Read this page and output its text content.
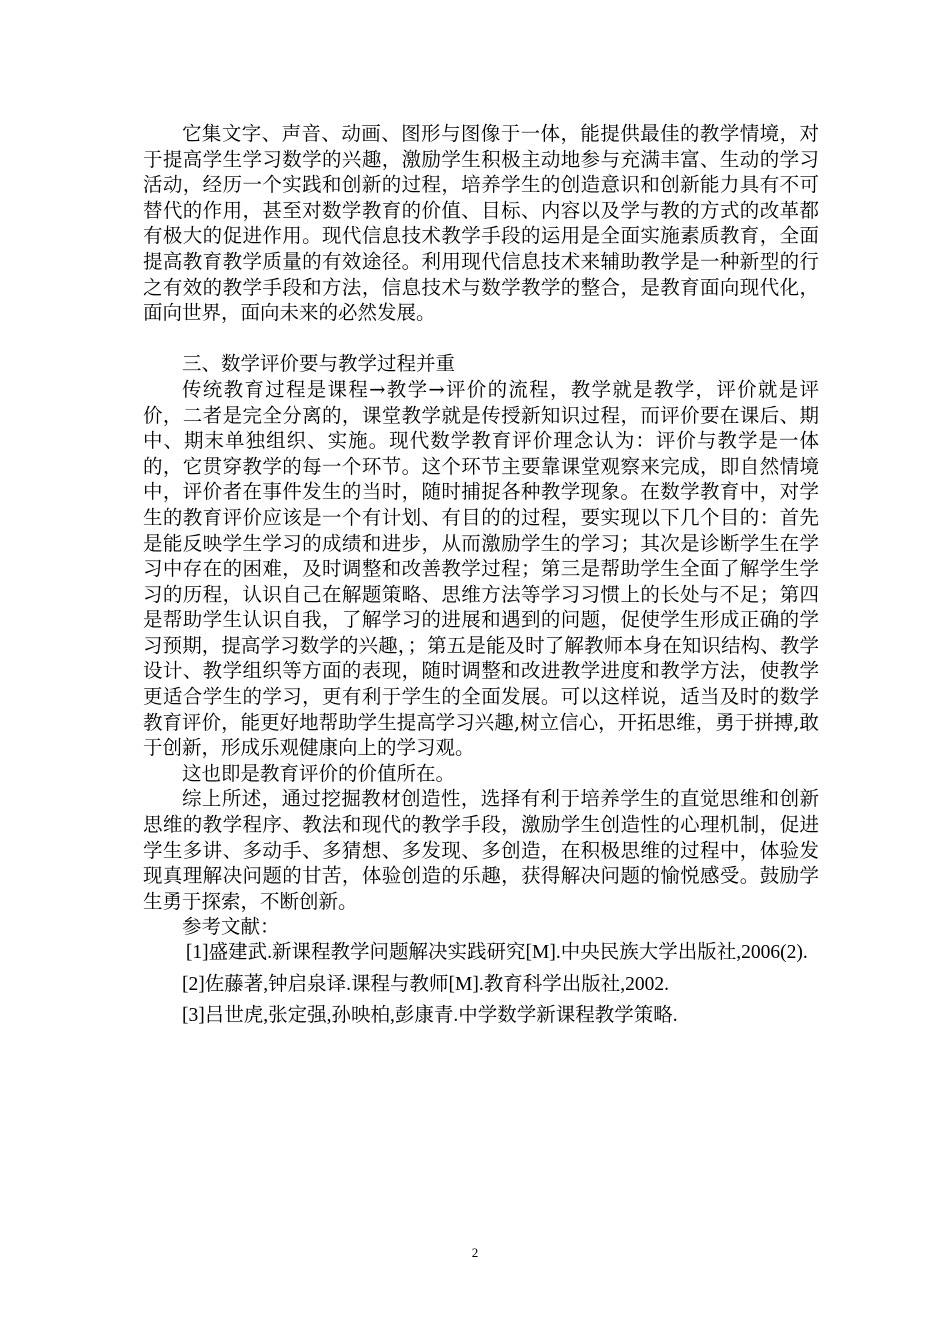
它集文字、声音、动画、图形与图像于一体，能提供最佳的教学情境，对于提高学生学习数学的兴趣，激励学生积极主动地参与充满丰富、生动的学习活动，经历一个实践和创新的过程，培养学生的创造意识和创新能力具有不可替代的作用，甚至对数学教育的价值、目标、内容以及学与教的方式的改革都有极大的促进作用。现代信息技术教学手段的运用是全面实施素质教育，全面提高教育教学质量的有效途径。利用现代信息技术来辅助教学是一种新型的行之有效的教学手段和方法，信息技术与数学教学的整合，是教育面向现代化，面向世界，面向未来的必然发展。

三、数学评价要与教学过程并重

传统教育过程是课程→教学→评价的流程，教学就是教学，评价就是评价，二者是完全分离的，课堂教学就是传授新知识过程，而评价要在课后、期中、期末单独组织、实施。现代数学教育评价理念认为：评价与教学是一体的，它贯穿教学的每一个环节。这个环节主要靠课堂观察来完成，即自然情境中，评价者在事件发生的当时，随时捕捉各种教学现象。在数学教育中，对学生的教育评价应该是一个有计划、有目的的过程，要实现以下几个目的：首先是能反映学生学习的成绩和进步，从而激励学生的学习；其次是诊断学生在学习中存在的困难，及时调整和改善教学过程；第三是帮助学生全面了解学生学习的历程，认识自己在解题策略、思维方法等学习习惯上的长处与不足；第四是帮助学生认识自我，了解学习的进展和遇到的问题，促使学生形成正确的学习预期，提高学习数学的兴趣，；第五是能及时了解教师本身在知识结构、教学设计、教学组织等方面的表现，随时调整和改进教学进度和教学方法，使教学更适合学生的学习，更有利于学生的全面发展。可以这样说，适当及时的数学教育评价，能更好地帮助学生提高学习兴趣,树立信心，开拓思维，勇于拼搏,敢于创新，形成乐观健康向上的学习观。

这也即是教育评价的价值所在。

综上所述，通过挖掘教材创造性，选择有利于培养学生的直觉思维和创新思维的教学程序、教法和现代的教学手段，激励学生创造性的心理机制，促进学生多讲、多动手、多猜想、多发现、多创造，在积极思维的过程中，体验发现真理解决问题的甘苦，体验创造的乐趣，获得解决问题的愉悦感受。鼓励学生勇于探索，不断创新。

参考文献：

[1]盛建武.新课程教学问题解决实践研究[M].中央民族大学出版社,2006(2).

[2]佐藤著,钟启泉译.课程与教师[M].教育科学出版社,2002.

[3]吕世虎,张定强,孙映柏,彭康青.中学数学新课程教学策略.

2
